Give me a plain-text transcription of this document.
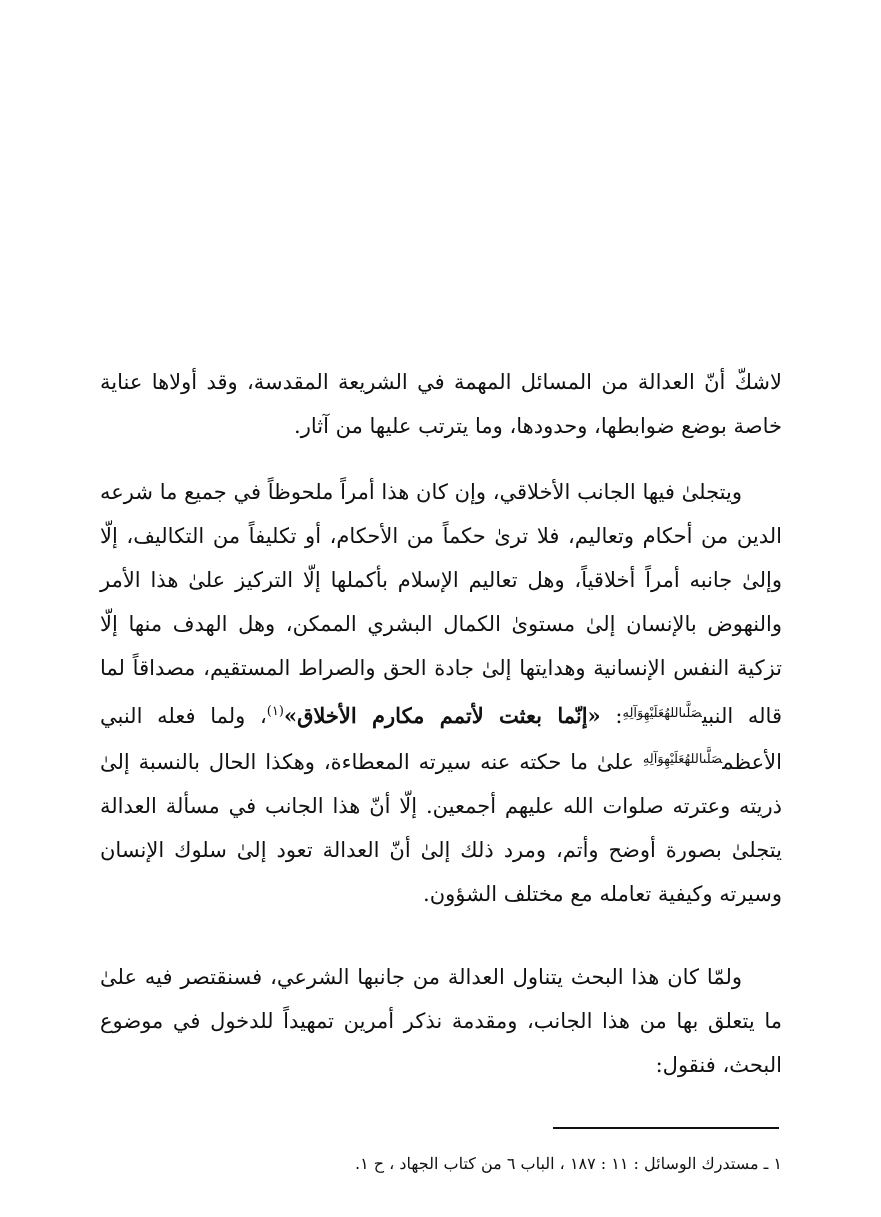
لاشكّ أنّ العدالة من المسائل المهمة في الشريعة المقدسة، وقد أولاها عناية خاصة بوضع ضوابطها، وحدودها، وما يترتب عليها من آثار.

ويتجلىٰ فيها الجانب الأخلاقي، وإن كان هذا أمراً ملحوظاً في جميع ما شرعه الدين من أحكام وتعاليم، فلا ترىٰ حكماً من الأحكام، أو تكليفاً من التكاليف، إلّا وإلىٰ جانبه أمراً أخلاقياً، وهل تعاليم الإسلام بأكملها إلّا التركيز علىٰ هذا الأمر والنهوض بالإنسان إلىٰ مستوىٰ الكمال البشري الممكن، وهل الهدف منها إلّا تزكية النفس الإنسانية وهدايتها إلىٰ جادة الحق والصراط المستقيم، مصداقاً لما قاله النبي$^{صَلَّىاللهُعَلَيْهِوَآلِهِ}$: «إنّما بعثت لأتمم مكارم الأخلاق»$^{(١)}$، ولما فعله النبي الأعظم$^{صَلَّىاللهُعَلَيْهِوَآلِهِ}$ علىٰ ما حكته عنه سيرته المعطاءة، وهكذا الحال بالنسبة إلىٰ ذريته وعترته صلوات الله عليهم أجمعين. إلّا أنّ هذا الجانب في مسألة العدالة يتجلىٰ بصورة أوضح وأتم، ومرد ذلك إلىٰ أنّ العدالة تعود إلىٰ سلوك الإنسان وسيرته وكيفية تعامله مع مختلف الشؤون.

ولمّا كان هذا البحث يتناول العدالة من جانبها الشرعي، فسنقتصر فيه علىٰ ما يتعلق بها من هذا الجانب، ومقدمة نذكر أمرين تمهيداً للدخول في موضوع البحث، فنقول:

١ ـ مستدرك الوسائل : ١١ : ١٨٧ ، الباب ٦ من كتاب الجهاد ، ح ١.
